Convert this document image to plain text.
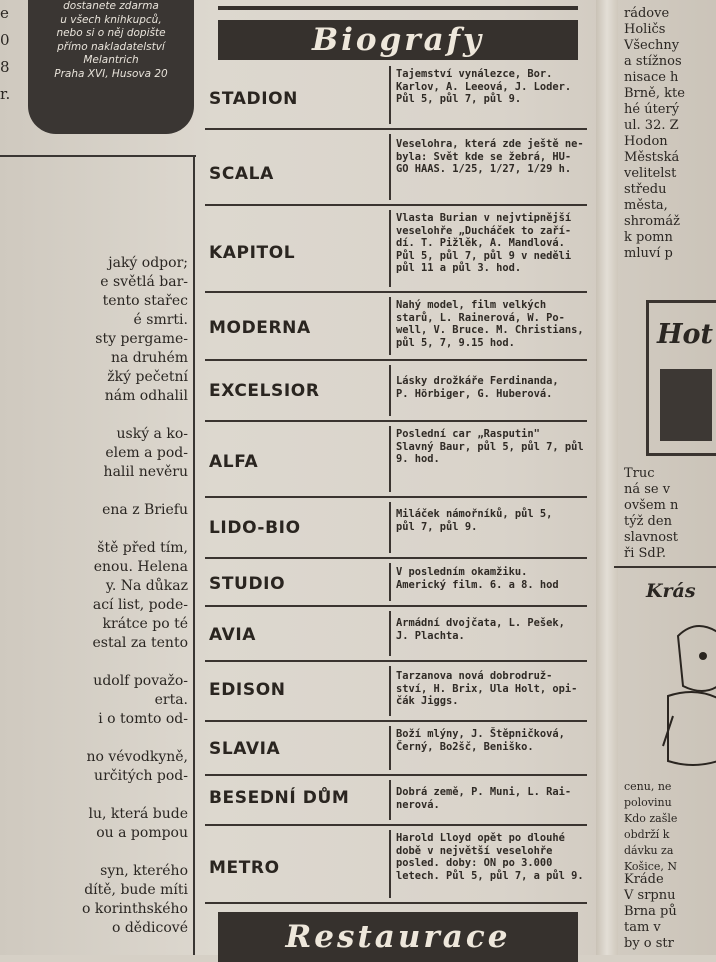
e
0
8
r.
dostanete zdarma
u všech knihkupců,
nebo si o něj dopište
přímo nakladatelství
Melantrich
Praha XVI, Husova 20
jaký odpor;
e světlá bar-
tento stařec
é smrti.
sty pergame-
na druhém
žký pečetní
nám odhalil
uský a ko-
elem a pod-
halil nevěru
ena z Briefu
ště před tím,
enou. Helena
y. Na důkaz
ací list, pode-
krátce po té
estal za tento
udolf považo-
erta.
i o tomto od-
no vévodkyně,
určitých pod-
lu, která bude
ou a pompou
syn, kterého
dítě, bude míti
o korinthského
o dědicové
Biografy
STADION
Tajemství vynálezce, Bor.
Karlov, A. Leeová, J. Loder.
Půl 5, půl 7, půl 9.
SCALA
Veselohra, která zde ještě ne-
byla: Svět kde se žebrá, HU-
GO HAAS. 1/25, 1/27, 1/29 h.
KAPITOL
Vlasta Burian v nejvtipnější
veselohře „Ducháček to zaří-
dí. T. Pižlěk, A. Mandlová.
Půl 5, půl 7, půl 9 v neděli
půl 11 a půl 3. hod.
MODERNA
Nahý model, film velkých
starů, L. Rainerová, W. Po-
well, V. Bruce. M. Christians,
půl 5, 7, 9.15 hod.
EXCELSIOR	Lásky drožkáře Ferdinanda,
P. Hörbiger, G. Huberová.
ALFA
Poslední car „Rasputin"
Slavný Baur, půl 5, půl 7, půl
9. hod.
LIDO-BIO
Miláček námořníků, půl 5,
půl 7, půl 9.
STUDIO
V posledním okamžiku.
Americký film. 6. a 8. hod
AVIA
Armádní dvojčata, L. Pešek,
J. Plachta.
EDISON
Tarzanova nová dobrodruž-
ství, H. Brix, Ula Holt, opi-
čák Jiggs.
SLAVIA
Boží mlýny, J. Štěpničková,
Černý, Bo2šč, Beniško.
BESEDNÍ DŮM	Dobrá země, P. Muni, L. Rai-
nerová.
METRO
Harold Lloyd opět po dlouhé
době v největší veselohře
posled. doby: ON po 3.000
letech. Půl 5, půl 7, a půl 9.
Restaurace
rádove
Holičs
Všechny
a stížnos
nisace h
Brně, kte
hé úterý
ul. 32. Z
Hodon
Městská
velitelst
středu
města,
shromáž
k pomn
mluví p
Hot
Truc
ná se v
ovšem n
týž den
slavnost
ři SdP.
Krás
cenu, ne
polovinu
Kdo zašle
obdrží k
dávku za
Košice, N
Kráde
V srpnu
Brna pů
tam v
by o str
